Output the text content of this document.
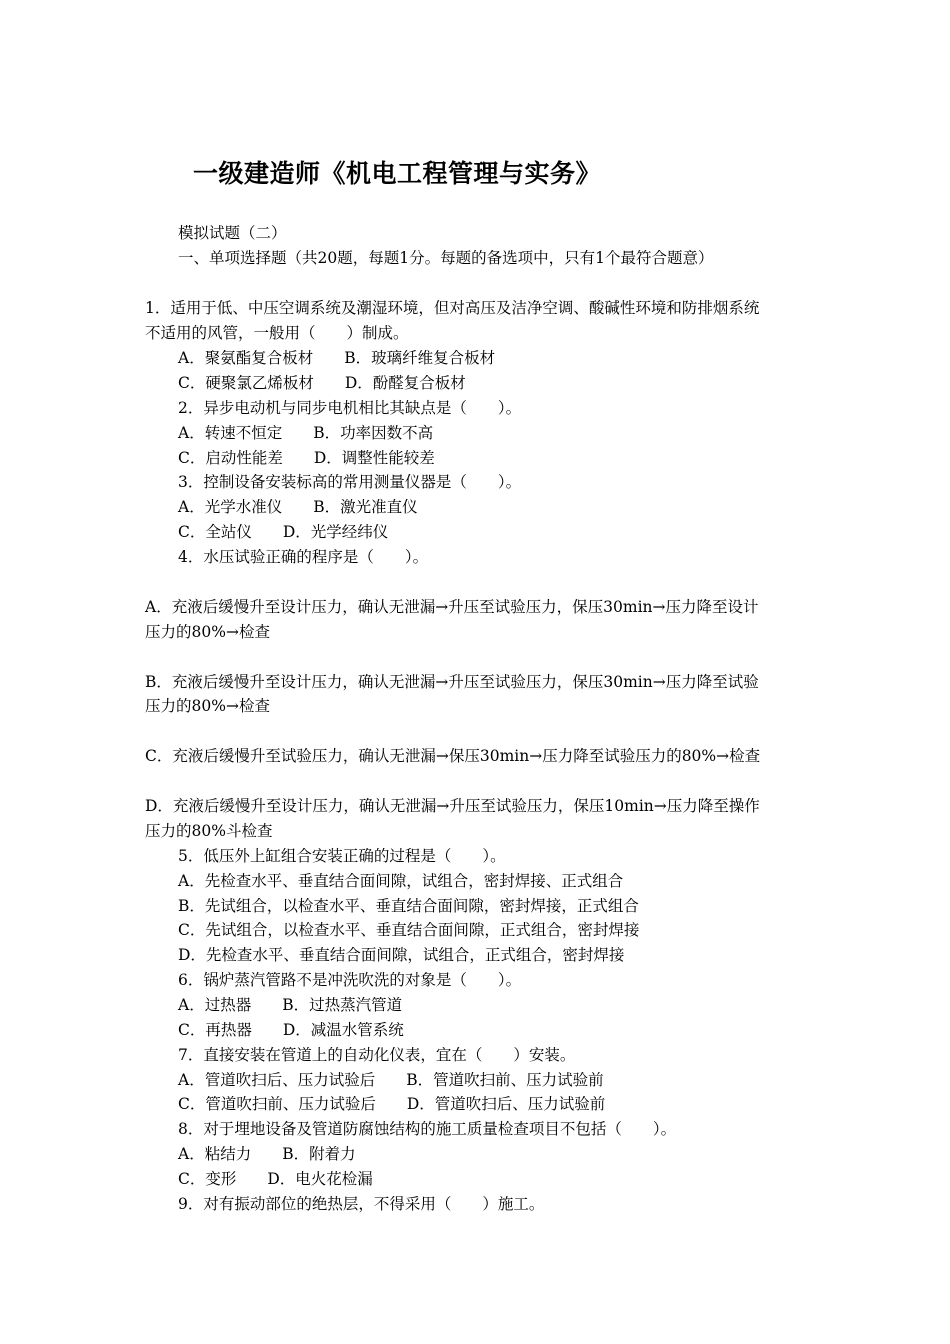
一级建造师《机电工程管理与实务》
模拟试题（二）
一、单项选择题（共20题，每题1分。每题的备选项中，只有1个最符合题意）
1．适用于低、中压空调系统及潮湿环境，但对高压及洁净空调、酸碱性环境和防排烟系统
不适用的风管，一般用（　　）制成。
A．聚氨酯复合板材　　B．玻璃纤维复合板材
C．硬聚氯乙烯板材　　D．酚醛复合板材
2．异步电动机与同步电机相比其缺点是（　　）。
A．转速不恒定　　B．功率因数不高
C．启动性能差　　D．调整性能较差
3．控制设备安装标高的常用测量仪器是（　　）。
A．光学水准仪　　B．激光准直仪
C．全站仪　　D．光学经纬仪
4．水压试验正确的程序是（　　）。
A．充液后缓慢升至设计压力，确认无泄漏→升压至试验压力，保压30min→压力降至设计
压力的80%→检查
B．充液后缓慢升至设计压力，确认无泄漏→升压至试验压力，保压30min→压力降至试验
压力的80%→检查
C．充液后缓慢升至试验压力，确认无泄漏→保压30min→压力降至试验压力的80%→检查
D．充液后缓慢升至设计压力，确认无泄漏→升压至试验压力，保压10min→压力降至操作
压力的80%斗检查
5．低压外上缸组合安装正确的过程是（　　）。
A．先检查水平、垂直结合面间隙，试组合，密封焊接、正式组合
B．先试组合，以检查水平、垂直结合面间隙，密封焊接，正式组合
C．先试组合，以检查水平、垂直结合面间隙，正式组合，密封焊接
D．先检查水平、垂直结合面间隙，试组合，正式组合，密封焊接
6．锅炉蒸汽管路不是冲洗吹洗的对象是（　　）。
A．过热器　　B．过热蒸汽管道
C．再热器　　D．减温水管系统
7．直接安装在管道上的自动化仪表，宜在（　　）安装。
A．管道吹扫后、压力试验后　　B．管道吹扫前、压力试验前
C．管道吹扫前、压力试验后　　D．管道吹扫后、压力试验前
8．对于埋地设备及管道防腐蚀结构的施工质量检查项目不包括（　　）。
A．粘结力　　B．附着力
C．变形　　D．电火花检漏
9．对有振动部位的绝热层，不得采用（　　）施工。
